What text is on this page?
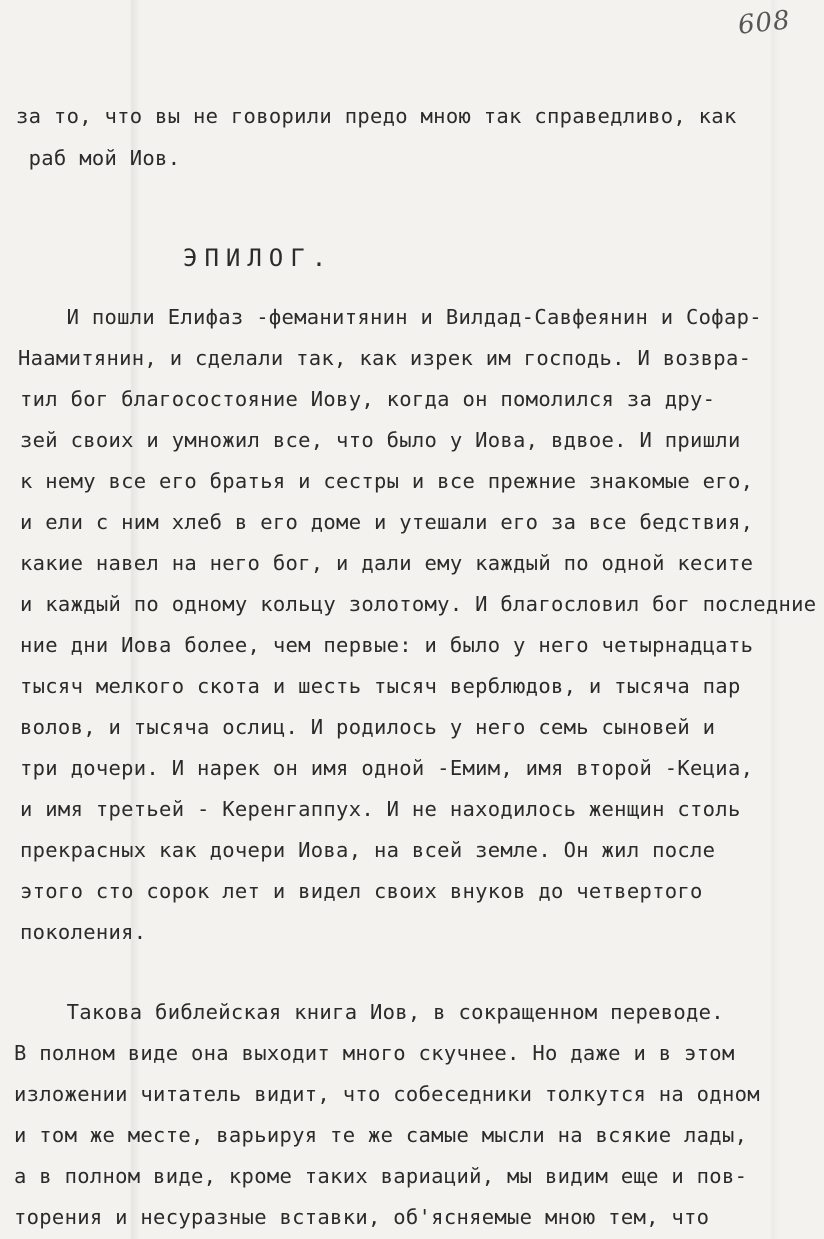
608
за то, что вы не говорили предо мною так справедливо, как
раб мой Иов.
ЭПИЛОГ.
И пошли Елифаз -феманитянин и Вилдад-Савфеянин и Софар-
Наамитянин, и сделали так, как изрек им господь. И возвра-
тил бог благосостояние Иову, когда он помолился за дру-
зей своих и умножил все, что было у Иова, вдвое. И пришли
к нему все его братья и сестры и все прежние знакомые его,
и ели с ним хлеб в его доме и утешали его за все бедствия,
какие навел на него бог, и дали ему каждый по одной кесите
и каждый по одному кольцу золотому. И благословил бог последние
ние дни Иова более, чем первые: и было у него четырнадцать
тысяч мелкого скота и шесть тысяч верблюдов, и тысяча пар
волов, и тысяча ослиц. И родилось у него семь сыновей и
три дочери. И нарек он имя одной -Емим, имя второй -Кециа,
и имя третьей - Керенгаппух. И не находилось женщин столь
прекрасных как дочери Иова, на всей земле. Он жил после
этого сто сорок лет и видел своих внуков до четвертого
поколения.
Такова библейская книга Иов, в сокращенном переводе.
В полном виде она выходит много скучнее. Но даже и в этом
изложении читатель видит, что собеседники толкутся на одном
и том же месте, варьируя те же самые мысли на всякие лады,
а в полном виде, кроме таких вариаций, мы видим еще и пов-
торения и несуразные вставки, об'ясняемые мною тем, что
